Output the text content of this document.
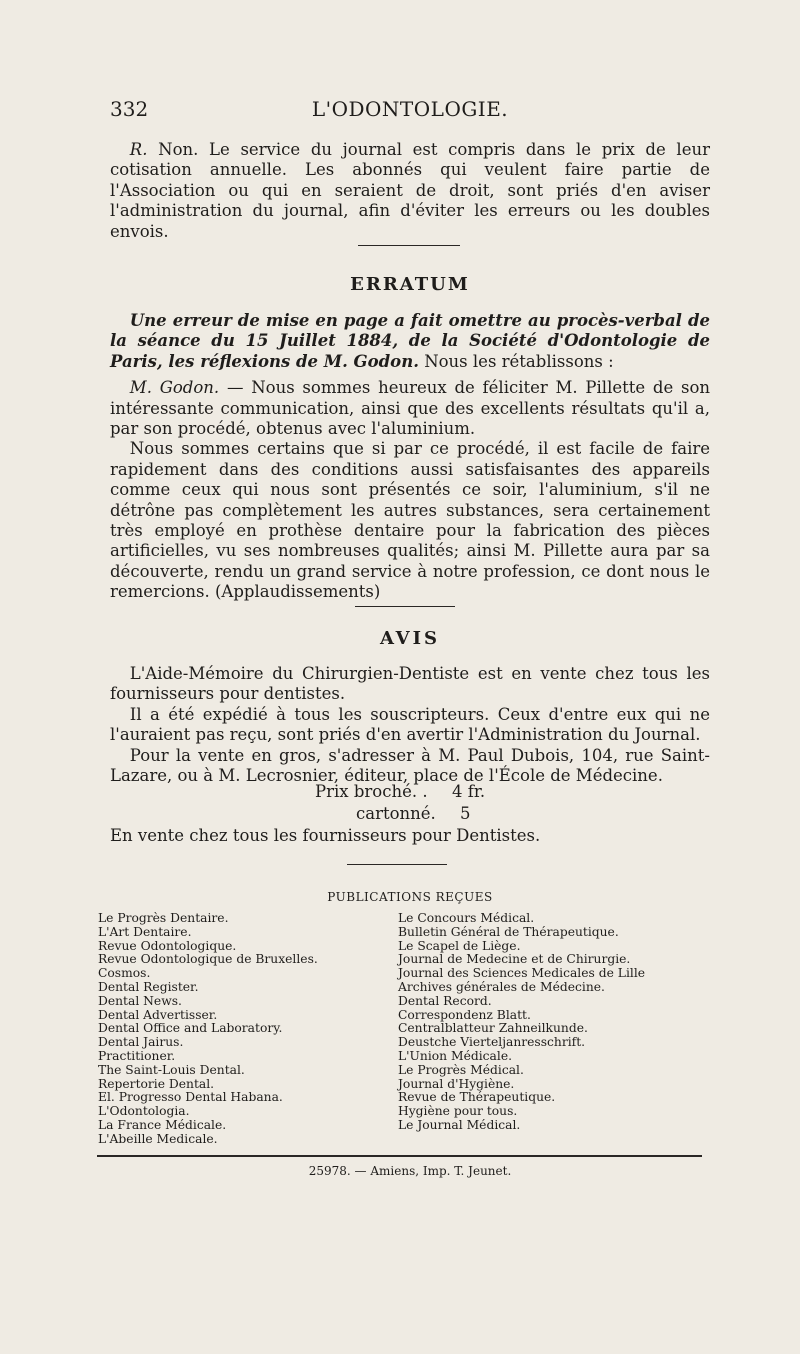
332	L'ODONTOLOGIE.

R. Non. Le service du journal est compris dans le prix de leur cotisation annuelle. Les abonnés qui veulent faire partie de l'Association ou qui en seraient de droit, sont priés d'en aviser l'administration du journal, afin d'éviter les erreurs ou les doubles envois.

ERRATUM

Une erreur de mise en page a fait omettre au procès-verbal de la séance du 15 Juillet 1884, de la Société d'Odontologie de Paris, les réflexions de M. Godon. Nous les rétablissons :

M. Godon. — Nous sommes heureux de féliciter M. Pillette de son intéressante communication, ainsi que des excellents résultats qu'il a, par son procédé, obtenus avec l'aluminium.

Nous sommes certains que si par ce procédé, il est facile de faire rapidement dans des conditions aussi satisfaisantes des appareils comme ceux qui nous sont présentés ce soir, l'aluminium, s'il ne détrône pas complètement les autres substances, sera certainement très employé en prothèse dentaire pour la fabrication des pièces artificielles, vu ses nombreuses qualités; ainsi M. Pillette aura par sa découverte, rendu un grand service à notre profession, ce dont nous le remercions. (Applaudissements)

AVIS

L'Aide-Mémoire du Chirurgien-Dentiste est en vente chez tous les fournisseurs pour dentistes.

Il a été expédié à tous les souscripteurs. Ceux d'entre eux qui ne l'auraient pas reçu, sont priés d'en avertir l'Administration du Journal.

Pour la vente en gros, s'adresser à M. Paul Dubois, 104, rue Saint-Lazare, ou à M. Lecrosnier, éditeur, place de l'École de Médecine.

Prix broché. . 4 fr.
cartonné. 5

En vente chez tous les fournisseurs pour Dentistes.

PUBLICATIONS REÇUES
Le Progrès Dentaire.
L'Art Dentaire.
Revue Odontologique.
Revue Odontologique de Bruxelles.
Cosmos.
Dental Register.
Dental News.
Dental Advertisser.
Dental Office and Laboratory.
Dental Jairus.
Practitioner.
The Saint-Louis Dental.
Repertorie Dental.
El. Progresso Dental Habana.
L'Odontologia.
La France Médicale.
L'Abeille Medicale.
Le Concours Médical.
Bulletin Général de Thérapeutique.
Le Scapel de Liège.
Journal de Medecine et de Chirurgie.
Journal des Sciences Medicales de Lille
Archives générales de Médecine.
Dental Record.
Correspondenz Blatt.
Centralblatteur Zahneilkunde.
Deustche Vierteljanresschrift.
L'Union Médicale.
Le Progrès Médical.
Journal d'Hygiène.
Revue de Thérapeutique.
Hygiène pour tous.
Le Journal Médical.
25978. — Amiens, Imp. T. Jeunet.
